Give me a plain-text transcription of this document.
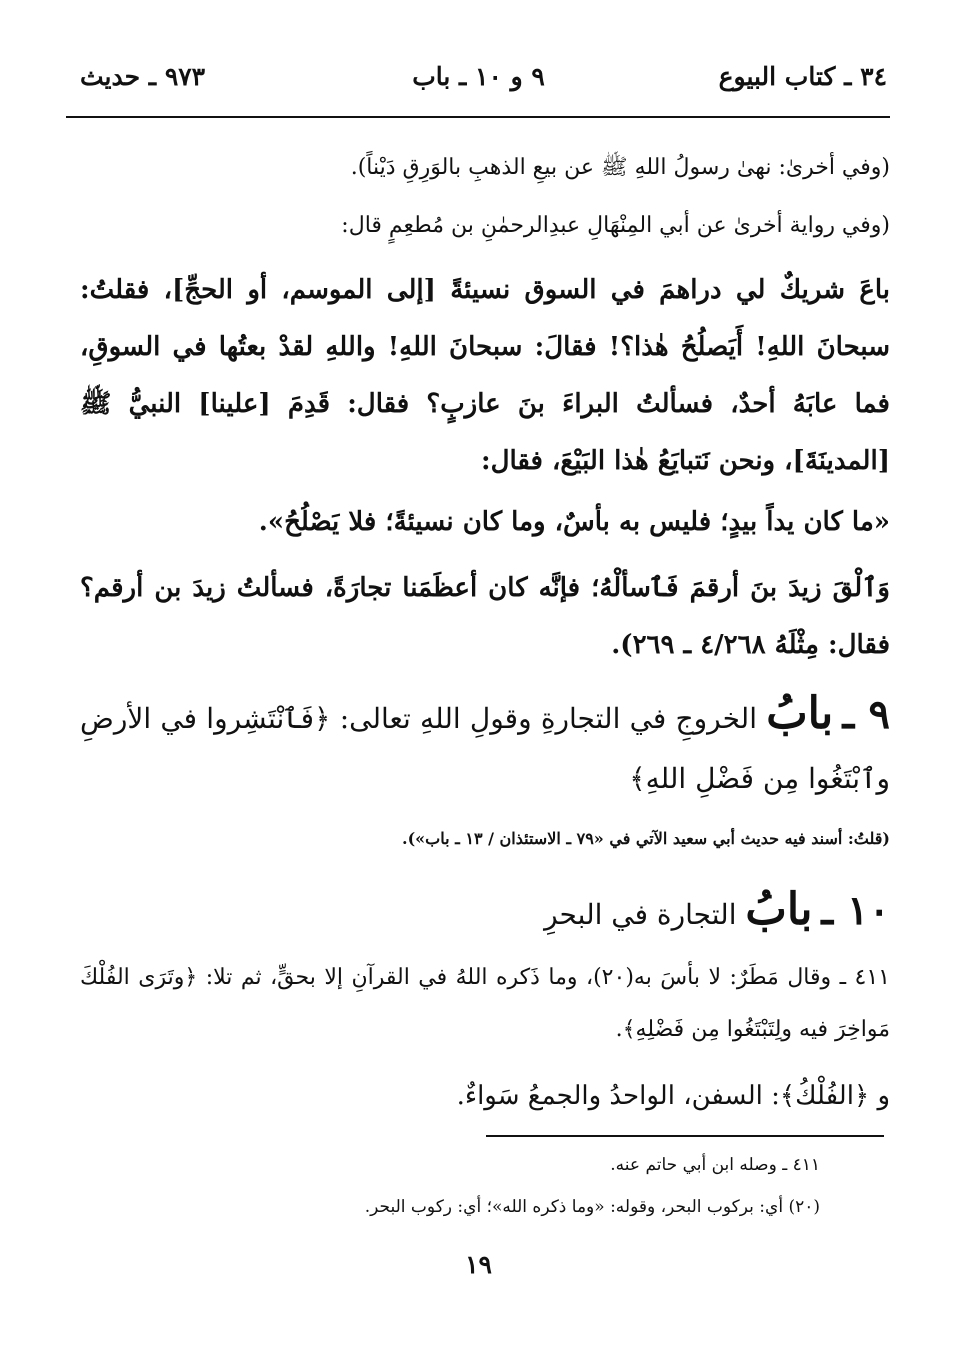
٣٤ ـ كتاب البيوع
٩ و ١٠ ـ باب
٩٧٣ ـ حديث
(وفي أخرىٰ: نهىٰ رسولُ اللهِ ﷺ عن بيعِ الذهبِ بالوَرِقِ دَيْناً).
(وفي رواية أخرىٰ عن أبي المِنْهَالِ عبدِالرحمٰنِ بن مُطعِمٍ قال:
باعَ شريكٌ لي دراهمَ في السوق نسيئةً [إلى الموسم، أو الحجِّ]، فقلتُ: سبحانَ اللهِ! أَيَصلُحُ هٰذا؟! فقالَ: سبحانَ اللهِ! واللهِ لقدْ بعتُها في السوقِ، فما عابَهُ أحدٌ، فسألتُ البراءَ بنَ عازبٍ؟ فقال: قَدِمَ [علينا] النبيُّ ﷺ [المدينَةَ]، ونحن نَتبايَعُ هٰذا البَيْعَ، فقال:
«ما كان يداً بيدٍ؛ فليس به بأسٌ، وما كان نسيئةً؛ فلا يَصْلُحُ».
وَٱلْقَ زيدَ بنَ أرقمَ فَٱسألْهُ؛ فإنَّه كان أعظَمَنا تجارَةً، فسألتُ زيدَ بن أرقم؟ فقال: مِثْلَهُ ٤/٢٦٨ ـ ٢٦٩).
٩ ـ بابُ الخروجِ في التجارةِ وقولِ اللهِ تعالى: ﴿فَٱنْتَشِروا في الأرضِ وٱبْتَغُوا مِن فَضْلِ اللهِ﴾
(قلتُ: أسند فيه حديث أبي سعيد الآتي في «٧٩ ـ الاستئذان / ١٣ ـ باب»).
١٠ ـ بابُ التجارة في البحرِ
٤١١ ـ وقال مَطَرٌ: لا بأسَ به(٢٠)، وما ذَكره اللهُ في القرآنِ إلا بحقٍّ، ثم تلا: ﴿وتَرَى الفُلْكَ مَواخِرَ فيه ولِتَبْتَغُوا مِن فَضْلِهِ﴾.
و ﴿الفُلْكُ﴾: السفن، الواحدُ والجمعُ سَواءٌ.
٤١١ ـ وصله ابن أبي حاتم عنه.
(٢٠) أي: بركوب البحر، وقوله: «وما ذكره الله»؛ أي: ركوب البحر.
١٩
